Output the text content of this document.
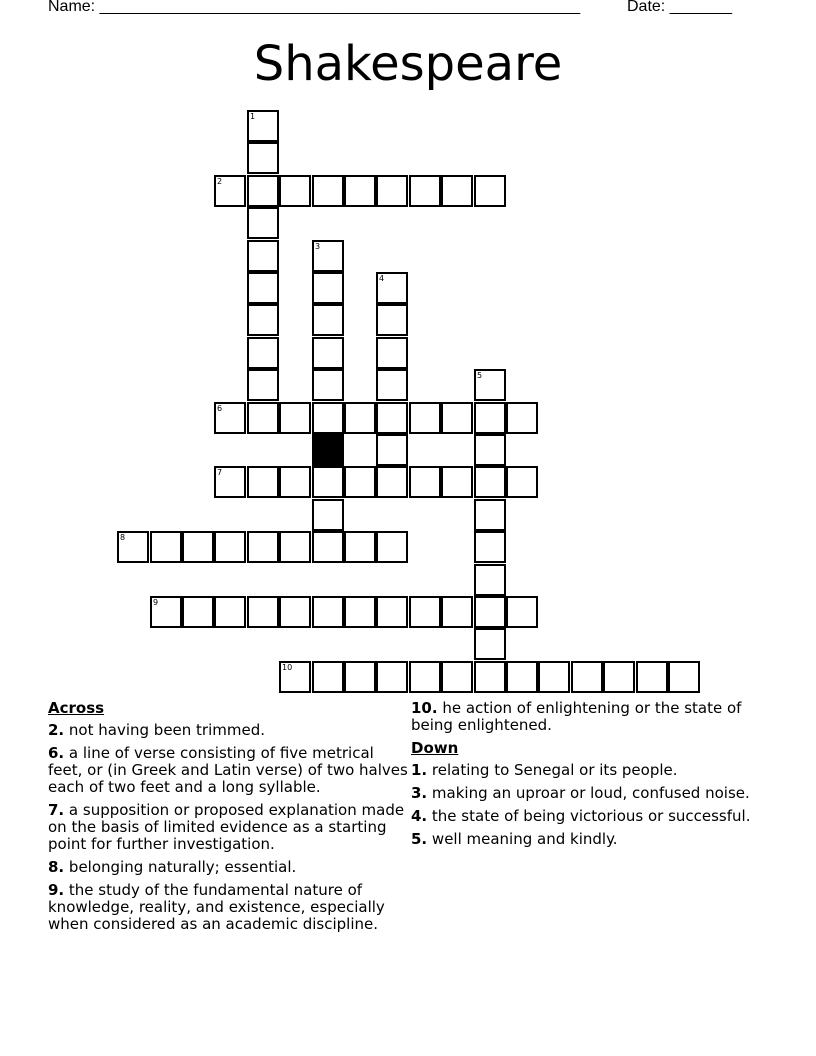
Name: ______________________________________________________	Date: _______
Shakespeare
1
2
3
4
5
6
7
8
9
10
Across
2. not having been trimmed.
6. a line of verse consisting of five metrical feet, or (in Greek and Latin verse) of two halves each of two feet and a long syllable.
7. a supposition or proposed explanation made on the basis of limited evidence as a starting point for further investigation.
8. belonging naturally; essential.
9. the study of the fundamental nature of knowledge, reality, and existence, especially when considered as an academic discipline.
10. he action of enlightening or the state of being enlightened.
Down
1. relating to Senegal or its people.
3. making an uproar or loud, confused noise.
4. the state of being victorious or successful.
5. well meaning and kindly.
